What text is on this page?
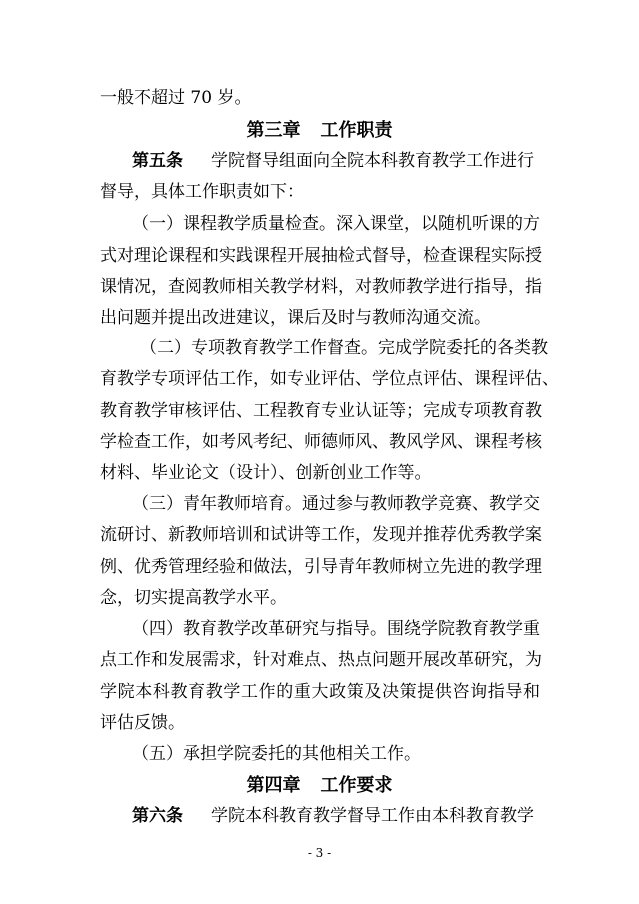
一般不超过 70 岁。
第三章 工作职责
第五条 学院督导组面向全院本科教育教学工作进行
督导，具体工作职责如下：
（一）课程教学质量检查。深入课堂，以随机听课的方
式对理论课程和实践课程开展抽检式督导，检查课程实际授
课情况，查阅教师相关教学材料，对教师教学进行指导，指
出问题并提出改进建议，课后及时与教师沟通交流。
（二）专项教育教学工作督查。完成学院委托的各类教
育教学专项评估工作，如专业评估、学位点评估、课程评估、
教育教学审核评估、工程教育专业认证等；完成专项教育教
学检查工作，如考风考纪、师德师风、教风学风、课程考核
材料、毕业论文（设计）、创新创业工作等。
（三）青年教师培育。通过参与教师教学竞赛、教学交
流研讨、新教师培训和试讲等工作，发现并推荐优秀教学案
例、优秀管理经验和做法，引导青年教师树立先进的教学理
念，切实提高教学水平。
（四）教育教学改革研究与指导。围绕学院教育教学重
点工作和发展需求，针对难点、热点问题开展改革研究，为
学院本科教育教学工作的重大政策及决策提供咨询指导和
评估反馈。
（五）承担学院委托的其他相关工作。
第四章 工作要求
第六条 学院本科教育教学督导工作由本科教育教学
- 3 -
